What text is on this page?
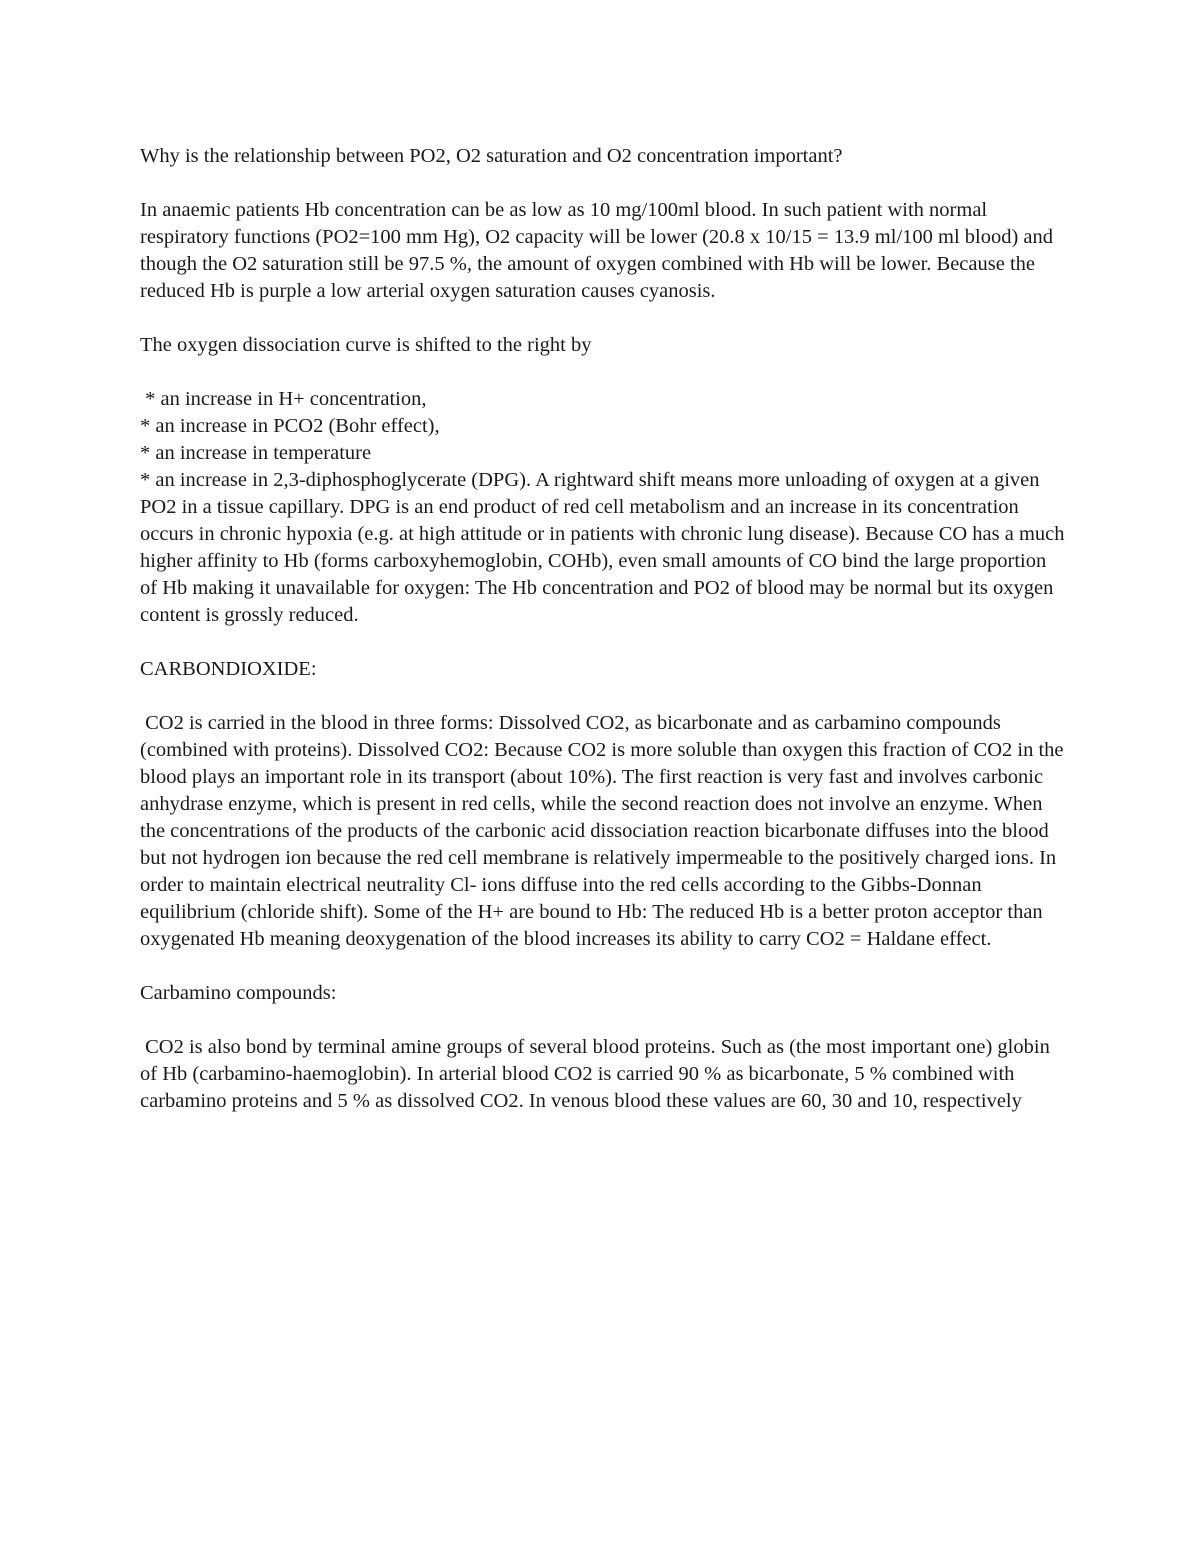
Why is the relationship between PO2, O2 saturation and O2 concentration important?

In anaemic patients Hb concentration can be as low as 10 mg/100ml blood. In such patient with normal respiratory functions (PO2=100 mm Hg), O2 capacity will be lower (20.8 x 10/15 = 13.9 ml/100 ml blood) and though the O2 saturation still be 97.5 %, the amount of oxygen combined with Hb will be lower. Because the reduced Hb is purple a low arterial oxygen saturation causes cyanosis.

The oxygen dissociation curve is shifted to the right by

* an increase in H+ concentration,
* an increase in PCO2 (Bohr effect),
* an increase in temperature
* an increase in 2,3-diphosphoglycerate (DPG). A rightward shift means more unloading of oxygen at a given PO2 in a tissue capillary. DPG is an end product of red cell metabolism and an increase in its concentration occurs in chronic hypoxia (e.g. at high attitude or in patients with chronic lung disease). Because CO has a much higher affinity to Hb (forms carboxyhemoglobin, COHb), even small amounts of CO bind the large proportion of Hb making it unavailable for oxygen: The Hb concentration and PO2 of blood may be normal but its oxygen content is grossly reduced.

CARBONDIOXIDE:

CO2 is carried in the blood in three forms: Dissolved CO2, as bicarbonate and as carbamino compounds (combined with proteins). Dissolved CO2: Because CO2 is more soluble than oxygen this fraction of CO2 in the blood plays an important role in its transport (about 10%). The first reaction is very fast and involves carbonic anhydrase enzyme, which is present in red cells, while the second reaction does not involve an enzyme. When the concentrations of the products of the carbonic acid dissociation reaction bicarbonate diffuses into the blood but not hydrogen ion because the red cell membrane is relatively impermeable to the positively charged ions. In order to maintain electrical neutrality Cl- ions diffuse into the red cells according to the Gibbs-Donnan equilibrium (chloride shift). Some of the H+ are bound to Hb: The reduced Hb is a better proton acceptor than oxygenated Hb meaning deoxygenation of the blood increases its ability to carry CO2 = Haldane effect.

Carbamino compounds:

CO2 is also bond by terminal amine groups of several blood proteins. Such as (the most important one) globin of Hb (carbamino-haemoglobin). In arterial blood CO2 is carried 90 % as bicarbonate, 5 % combined with carbamino proteins and 5 % as dissolved CO2. In venous blood these values are 60, 30 and 10, respectively
